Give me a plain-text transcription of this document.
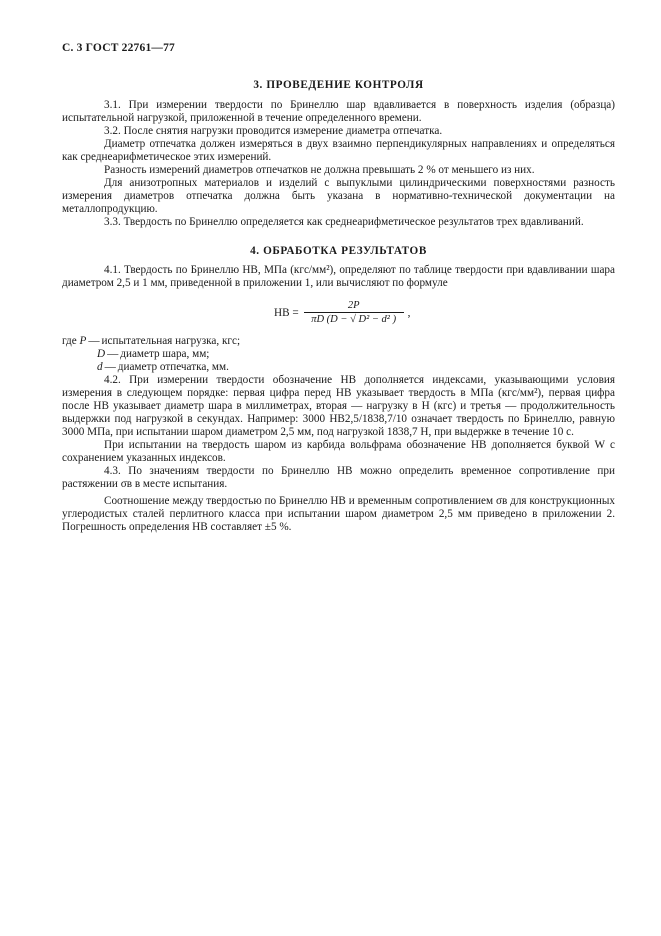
С. 3 ГОСТ 22761—77
3. ПРОВЕДЕНИЕ КОНТРОЛЯ

3.1. При измерении твердости по Бринеллю шар вдавливается в поверхность изделия (образца) испытательной нагрузкой, приложенной в течение определенного времени.

3.2. После снятия нагрузки проводится измерение диаметра отпечатка.

Диаметр отпечатка должен измеряться в двух взаимно перпендикулярных направлениях и определяться как среднеарифметическое этих измерений.

Разность измерений диаметров отпечатков не должна превышать 2 % от меньшего из них.

Для анизотропных материалов и изделий с выпуклыми цилиндрическими поверхностями разность измерения диаметров отпечатка должна быть указана в нормативно-технической документации на металлопродукцию.

3.3. Твердость по Бринеллю определяется как среднеарифметическое результатов трех вдавливаний.

4. ОБРАБОТКА РЕЗУЛЬТАТОВ

4.1. Твердость по Бринеллю НВ, МПа (кгс/мм²), определяют по таблице твердости при вдавливании шара диаметром 2,5 и 1 мм, приведенной в приложении 1, или вычисляют по формуле

НВ = $\frac{2P}{\text{πD (D − √ D² − d² )}}$ ,

где P — испытательная нагрузка, кгс;

D — диаметр шара, мм;

d — диаметр отпечатка, мм.

4.2. При измерении твердости обозначение НВ дополняется индексами, указывающими условия измерения в следующем порядке: первая цифра перед НВ указывает твердость в МПа (кгс/мм²), первая цифра после НВ указывает диаметр шара в миллиметрах, вторая — нагрузку в Н (кгс) и третья — продолжительность выдержки под нагрузкой в секундах. Например: 3000 НВ2,5/1838,7/10 означает твердость по Бринеллю, равную 3000 МПа, при испытании шаром диаметром 2,5 мм, под нагрузкой 1838,7 Н, при выдержке в течение 10 с.

При испытании на твердость шаром из карбида вольфрама обозначение НВ дополняется буквой W с сохранением указанных индексов.

4.3. По значениям твердости по Бринеллю НВ можно определить временное сопротивление при растяжении σв в месте испытания.

Соотношение между твердостью по Бринеллю НВ и временным сопротивлением σв для конструкционных углеродистых сталей перлитного класса при испытании шаром диаметром 2,5 мм приведено в приложении 2. Погрешность определения НВ составляет ±5 %.
